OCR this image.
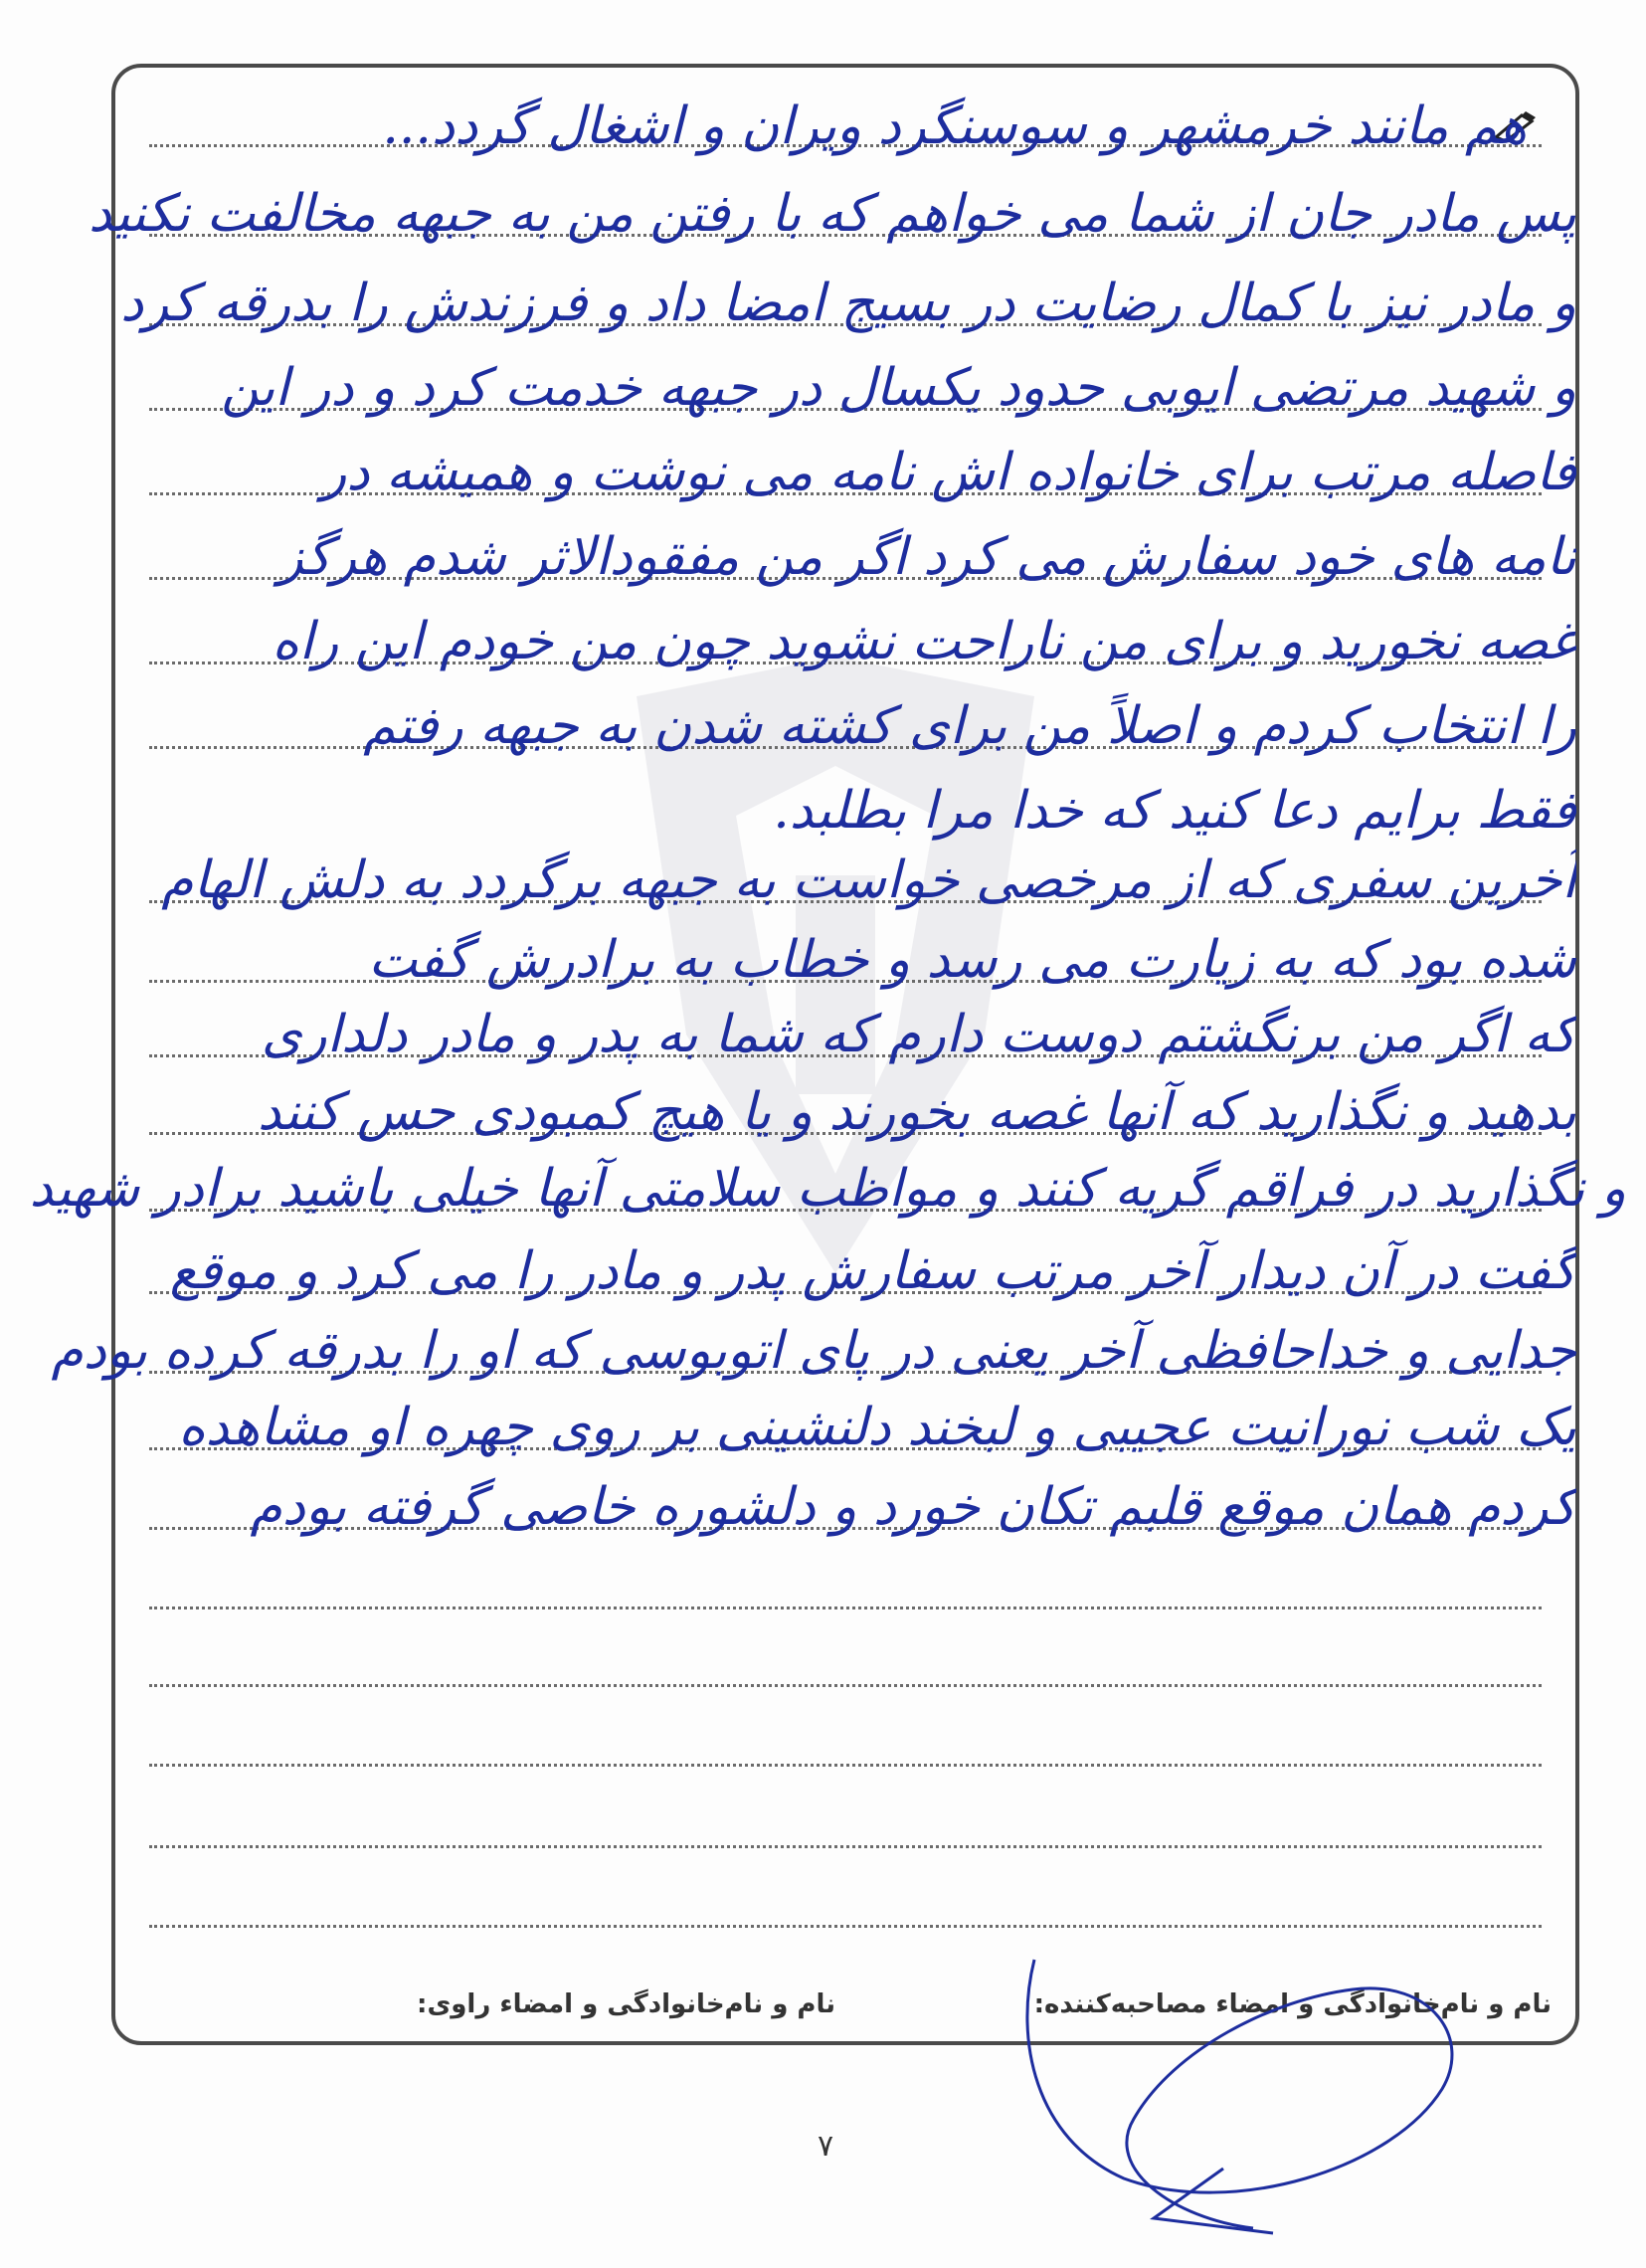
هم مانند خرمشهر و سوسنگرد ویران و اشغال گردد...
پس مادر جان از شما می خواهم که با رفتن من به جبهه مخالفت نکنید
و مادر نیز با کمال رضایت در بسیج امضا داد و فرزندش را بدرقه کرد
و شهید مرتضی ایوبی حدود یکسال در جبهه خدمت کرد و در این
فاصله مرتب برای خانواده اش نامه می نوشت و همیشه در
نامه های خود سفارش می کرد اگر من مفقودالاثر شدم هرگز
غصه نخورید و برای من ناراحت نشوید چون من خودم این راه
را انتخاب کردم و اصلاً من برای کشته شدن به جبهه رفتم
فقط برایم دعا کنید که خدا مرا بطلبد.
آخرین سفری که از مرخصی خواست به جبهه برگردد به دلش الهام
شده بود که به زیارت می رسد و خطاب به برادرش گفت
که اگر من برنگشتم دوست دارم که شما به پدر و مادر دلداری
بدهید و نگذارید که آنها غصه بخورند و یا هیچ کمبودی حس کنند
و نگذارید در فراقم گریه کنند و مواظب سلامتی آنها خیلی باشید برادر شهید
گفت در آن دیدار آخر مرتب سفارش پدر و مادر را می کرد و موقع
جدایی و خداحافظی آخر یعنی در پای اتوبوسی که او را بدرقه کرده بودم
یک شب نورانیت عجیبی و لبخند دلنشینی بر روی چهره او مشاهده
کردم همان موقع قلبم تکان خورد و دلشوره خاصی گرفته بودم
نام و نام‌خانوادگی و امضاء مصاحبه‌کننده:
نام و نام‌خانوادگی و امضاء راوی:
۷
